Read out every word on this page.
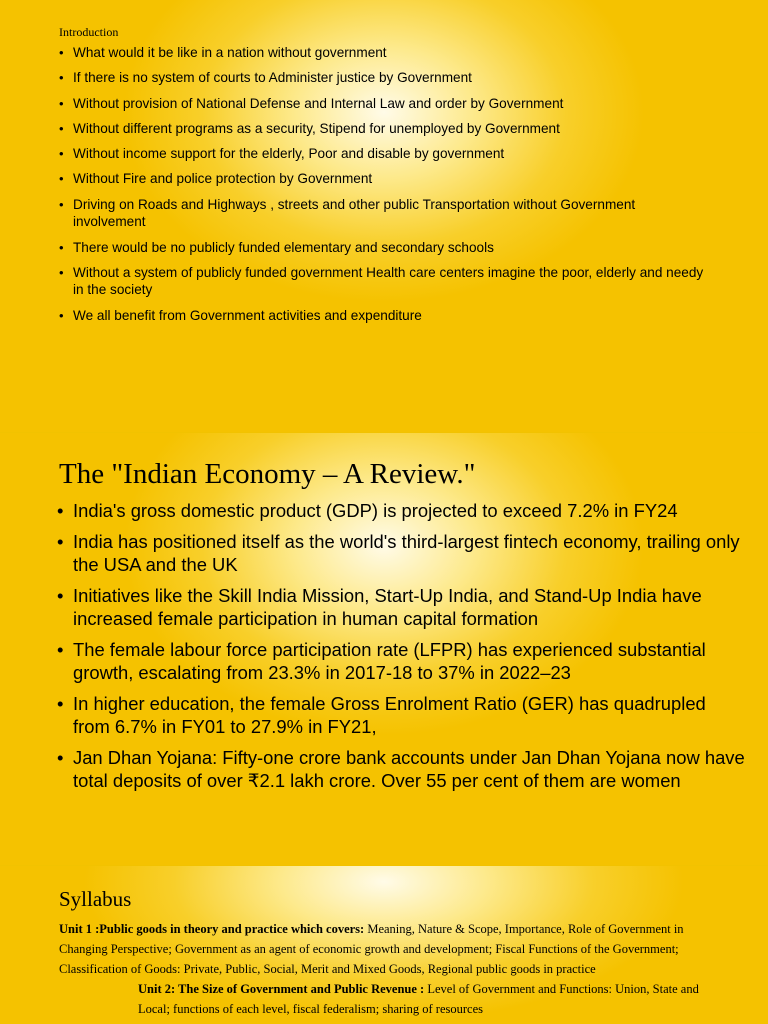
Introduction
• What would it be like in a nation without government
• If there is no system of courts to Administer justice by Government
• Without provision of National Defense and Internal Law and order by Government
• Without different programs as a security, Stipend for unemployed by Government
• Without income support for the elderly, Poor and disable by government
• Without Fire and police protection by Government
• Driving on Roads and Highways , streets and other public Transportation without Government involvement
• There would be no publicly funded elementary and secondary schools
• Without a system of publicly funded government Health care centers imagine the poor, elderly and needy in the society
• We all benefit from Government activities and expenditure
The "Indian Economy – A Review."
• India's gross domestic product (GDP) is projected to exceed 7.2% in FY24
• India has positioned itself as the world's third-largest fintech economy, trailing only the USA and the UK
• Initiatives like the Skill India Mission, Start-Up India, and Stand-Up India have increased female participation in human capital formation
• The female labour force participation rate (LFPR) has experienced substantial growth, escalating from 23.3% in 2017-18 to 37% in 2022–23
• In higher education, the female Gross Enrolment Ratio (GER) has quadrupled from 6.7% in FY01 to 27.9% in FY21,
• Jan Dhan Yojana: Fifty-one crore bank accounts under Jan Dhan Yojana now have total deposits of over ₹2.1 lakh crore. Over 55 per cent of them are women
Syllabus
Unit 1 :Public goods in theory and practice which covers: Meaning, Nature & Scope, Importance, Role of Government in Changing Perspective; Government as an agent of economic growth and development; Fiscal Functions of the Government; Classification of Goods: Private, Public, Social, Merit and Mixed Goods, Regional public goods in practice
Unit 2: The Size of Government and Public Revenue : Level of Government and Functions: Union, State and Local; functions of each level, fiscal federalism; sharing of resources
